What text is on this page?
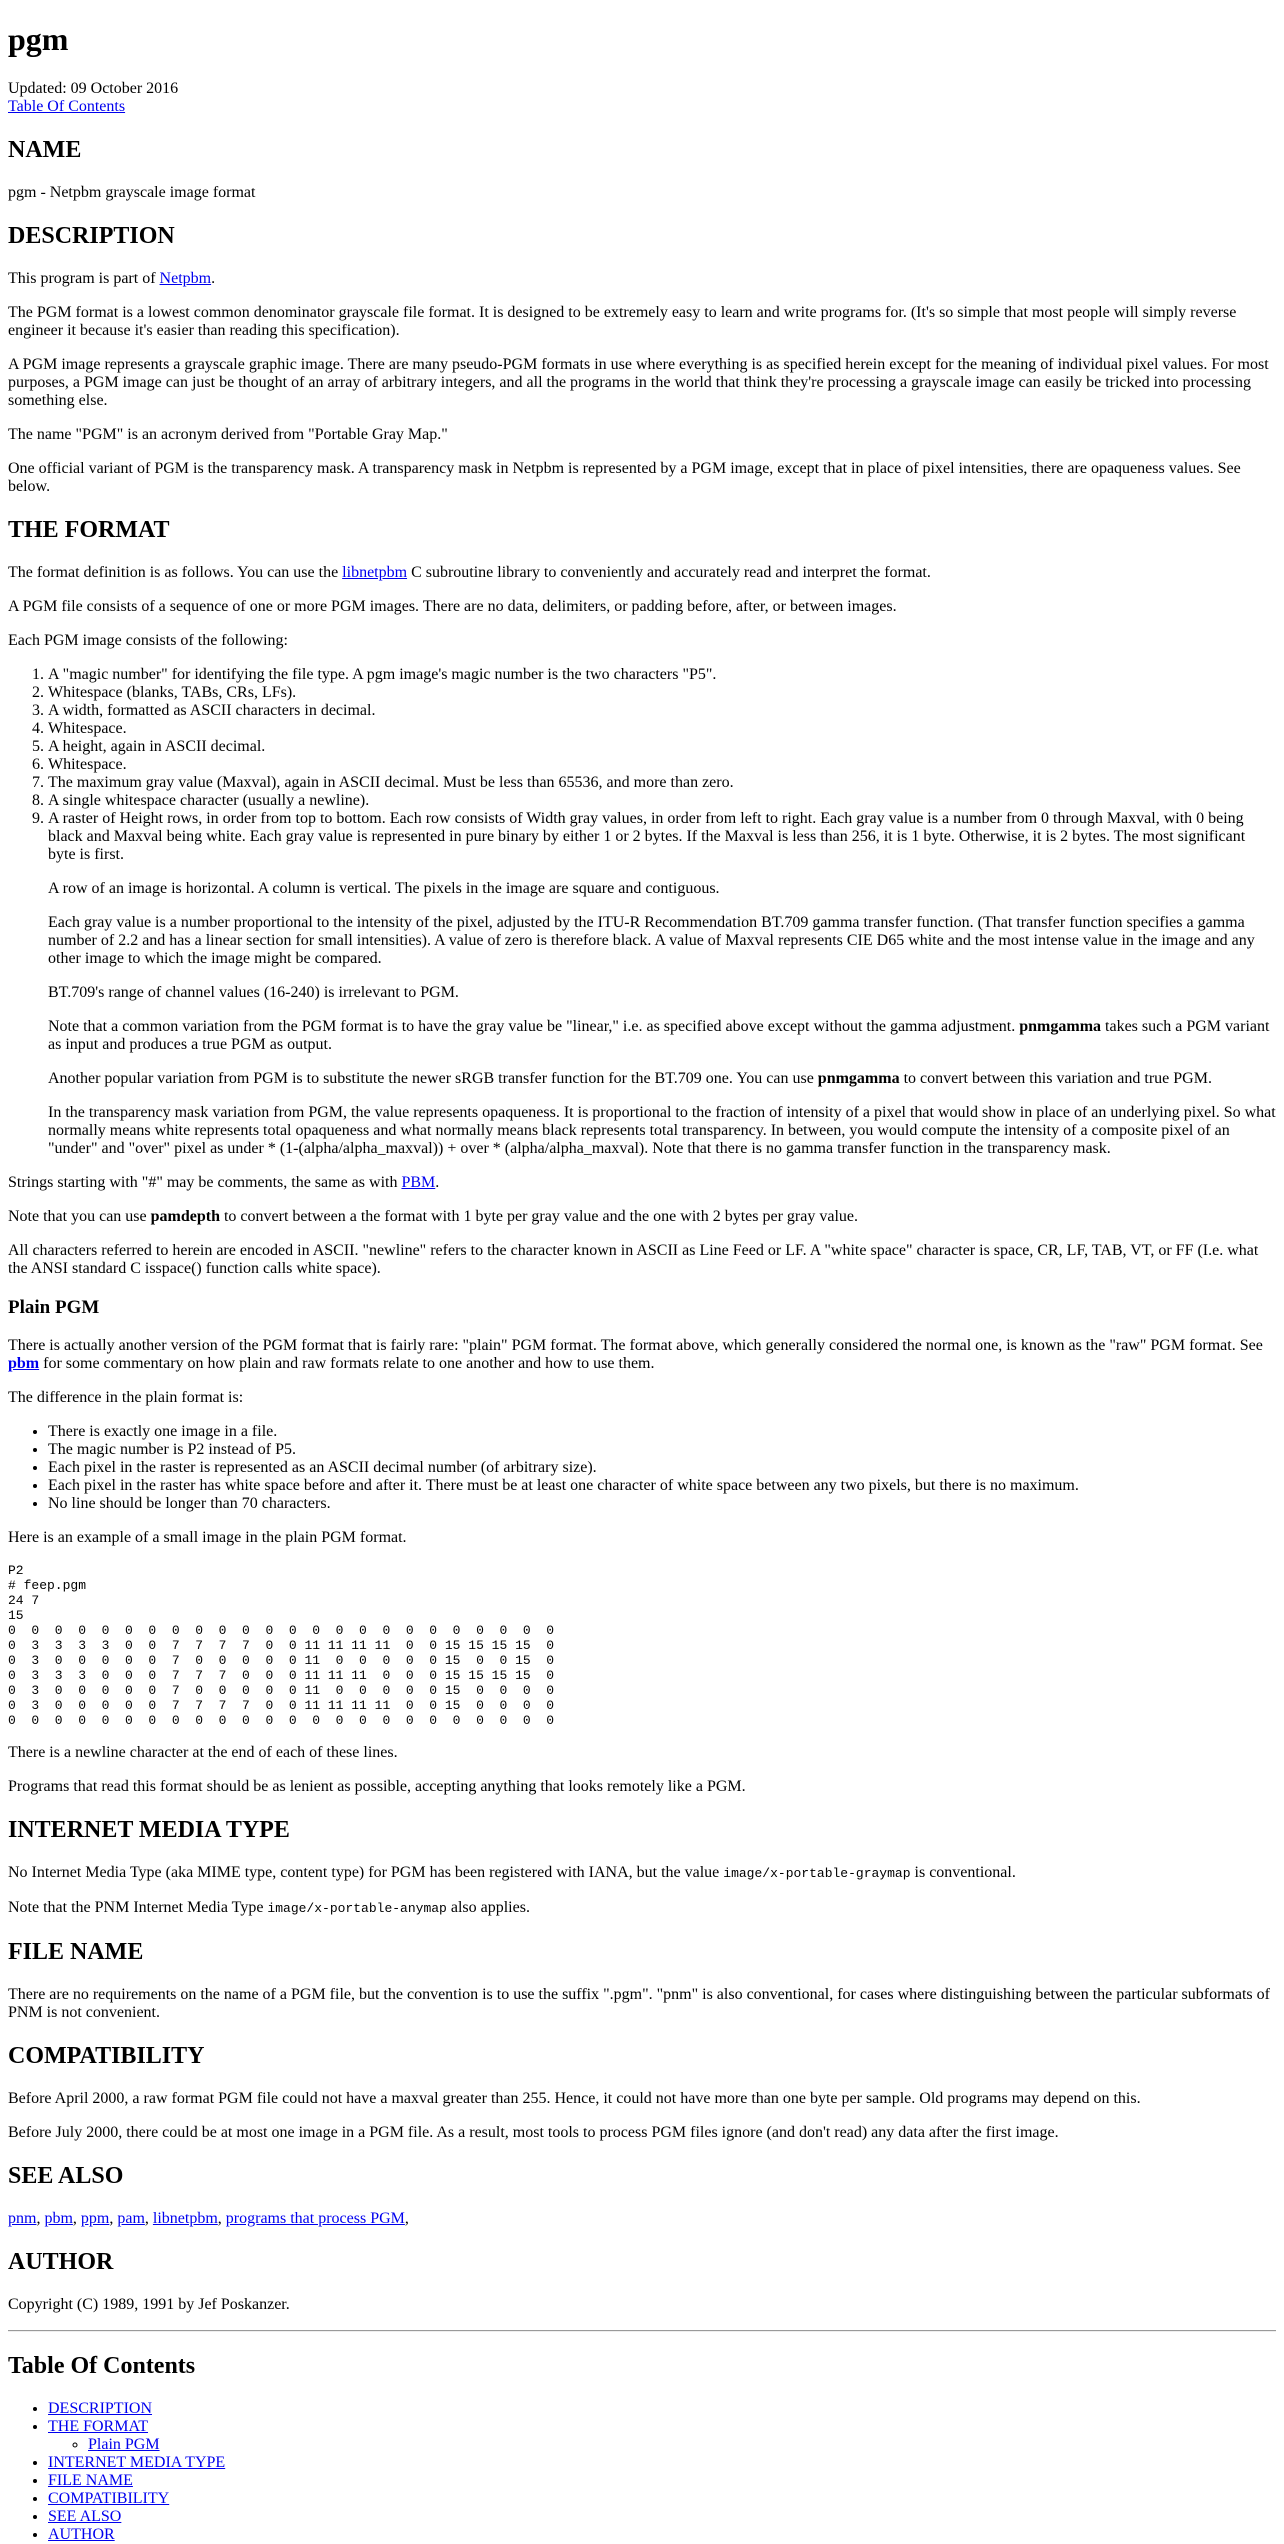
pgm
Updated: 09 October 2016
Table Of Contents
NAME

pgm - Netpbm grayscale image format

DESCRIPTION

This program is part of Netpbm.

The PGM format is a lowest common denominator grayscale file format. It is designed to be extremely easy to learn and write programs for. (It's so simple that most people will simply reverse engineer it because it's easier than reading this specification).

A PGM image represents a grayscale graphic image. There are many pseudo-PGM formats in use where everything is as specified herein except for the meaning of individual pixel values. For most purposes, a PGM image can just be thought of an array of arbitrary integers, and all the programs in the world that think they're processing a grayscale image can easily be tricked into processing something else.

The name "PGM" is an acronym derived from "Portable Gray Map."

One official variant of PGM is the transparency mask. A transparency mask in Netpbm is represented by a PGM image, except that in place of pixel intensities, there are opaqueness values. See below.

THE FORMAT

The format definition is as follows. You can use the libnetpbm C subroutine library to conveniently and accurately read and interpret the format.

A PGM file consists of a sequence of one or more PGM images. There are no data, delimiters, or padding before, after, or between images.

Each PGM image consists of the following:

1. A "magic number" for identifying the file type. A pgm image's magic number is the two characters "P5".
2. Whitespace (blanks, TABs, CRs, LFs).
3. A width, formatted as ASCII characters in decimal.
4. Whitespace.
5. A height, again in ASCII decimal.
6. Whitespace.
7. The maximum gray value (Maxval), again in ASCII decimal. Must be less than 65536, and more than zero.
8. A single whitespace character (usually a newline).
9. A raster of Height rows, in order from top to bottom. Each row consists of Width gray values, in order from left to right. Each gray value is a number from 0 through Maxval, with 0 being black and Maxval being white. Each gray value is represented in pure binary by either 1 or 2 bytes. If the Maxval is less than 256, it is 1 byte. Otherwise, it is 2 bytes. The most significant byte is first.

A row of an image is horizontal. A column is vertical. The pixels in the image are square and contiguous.

Each gray value is a number proportional to the intensity of the pixel, adjusted by the ITU-R Recommendation BT.709 gamma transfer function. (That transfer function specifies a gamma number of 2.2 and has a linear section for small intensities). A value of zero is therefore black. A value of Maxval represents CIE D65 white and the most intense value in the image and any other image to which the image might be compared.

BT.709's range of channel values (16-240) is irrelevant to PGM.

Note that a common variation from the PGM format is to have the gray value be "linear," i.e. as specified above except without the gamma adjustment. pnmgamma takes such a PGM variant as input and produces a true PGM as output.

Another popular variation from PGM is to substitute the newer sRGB transfer function for the BT.709 one. You can use pnmgamma to convert between this variation and true PGM.

In the transparency mask variation from PGM, the value represents opaqueness. It is proportional to the fraction of intensity of a pixel that would show in place of an underlying pixel. So what normally means white represents total opaqueness and what normally means black represents total transparency. In between, you would compute the intensity of a composite pixel of an "under" and "over" pixel as under * (1-(alpha/alpha_maxval)) + over * (alpha/alpha_maxval). Note that there is no gamma transfer function in the transparency mask.

Strings starting with "#" may be comments, the same as with PBM.

Note that you can use pamdepth to convert between a the format with 1 byte per gray value and the one with 2 bytes per gray value.

All characters referred to herein are encoded in ASCII. "newline" refers to the character known in ASCII as Line Feed or LF. A "white space" character is space, CR, LF, TAB, VT, or FF (I.e. what the ANSI standard C isspace() function calls white space).

Plain PGM

There is actually another version of the PGM format that is fairly rare: "plain" PGM format. The format above, which generally considered the normal one, is known as the "raw" PGM format. See pbm for some commentary on how plain and raw formats relate to one another and how to use them.

The difference in the plain format is:

• There is exactly one image in a file.
• The magic number is P2 instead of P5.
• Each pixel in the raster is represented as an ASCII decimal number (of arbitrary size).
• Each pixel in the raster has white space before and after it. There must be at least one character of white space between any two pixels, but there is no maximum.
• No line should be longer than 70 characters.

Here is an example of a small image in the plain PGM format.

P2
# feep.pgm
24 7
15
0  0  0  0  0  0  0  0  0  0  0  0  0  0  0  0  0  0  0  0  0  0  0  0
0  3  3  3  3  0  0  7  7  7  7  0  0 11 11 11 11  0  0 15 15 15 15  0
0  3  0  0  0  0  0  7  0  0  0  0  0 11  0  0  0  0  0 15  0  0 15  0
0  3  3  3  0  0  0  7  7  7  0  0  0 11 11 11  0  0  0 15 15 15 15  0
0  3  0  0  0  0  0  7  0  0  0  0  0 11  0  0  0  0  0 15  0  0  0  0
0  3  0  0  0  0  0  7  7  7  7  0  0 11 11 11 11  0  0 15  0  0  0  0
0  0  0  0  0  0  0  0  0  0  0  0  0  0  0  0  0  0  0  0  0  0  0  0

There is a newline character at the end of each of these lines.

Programs that read this format should be as lenient as possible, accepting anything that looks remotely like a PGM.

INTERNET MEDIA TYPE

No Internet Media Type (aka MIME type, content type) for PGM has been registered with IANA, but the value image/x-portable-graymap is conventional.

Note that the PNM Internet Media Type image/x-portable-anymap also applies.

FILE NAME

There are no requirements on the name of a PGM file, but the convention is to use the suffix ".pgm". "pnm" is also conventional, for cases where distinguishing between the particular subformats of PNM is not convenient.

COMPATIBILITY

Before April 2000, a raw format PGM file could not have a maxval greater than 255. Hence, it could not have more than one byte per sample. Old programs may depend on this.

Before July 2000, there could be at most one image in a PGM file. As a result, most tools to process PGM files ignore (and don't read) any data after the first image.

SEE ALSO

pnm, pbm, ppm, pam, libnetpbm, programs that process PGM,

AUTHOR

Copyright (C) 1989, 1991 by Jef Poskanzer.

Table Of Contents
• DESCRIPTION
• THE FORMAT
◦ Plain PGM
• INTERNET MEDIA TYPE
• FILE NAME
• COMPATIBILITY
• SEE ALSO
• AUTHOR
